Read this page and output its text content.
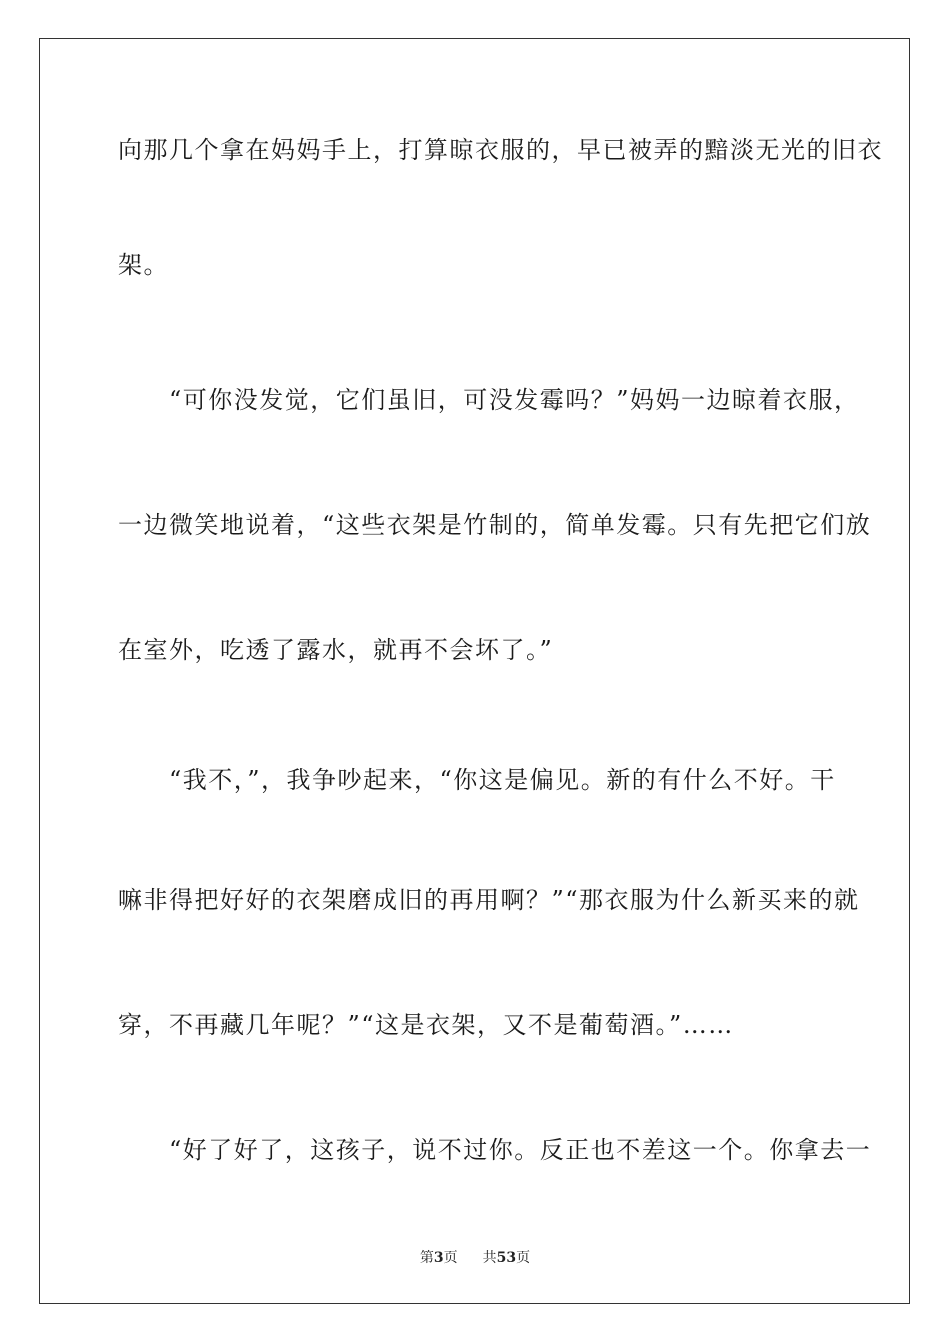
向那几个拿在妈妈手上，打算晾衣服的，早已被弄的黯淡无光的旧衣
架。
　　“可你没发觉，它们虽旧，可没发霉吗？”妈妈一边晾着衣服，
一边微笑地说着，“这些衣架是竹制的，简单发霉。只有先把它们放
在室外，吃透了露水，就再不会坏了。”
　　“我不，”，我争吵起来，“你这是偏见。新的有什么不好。干
嘛非得把好好的衣架磨成旧的再用啊？”“那衣服为什么新买来的就
穿，不再藏几年呢？”“这是衣架，又不是葡萄酒。”……
　　“好了好了，这孩子，说不过你。反正也不差这一个。你拿去一
第3页 共53页
